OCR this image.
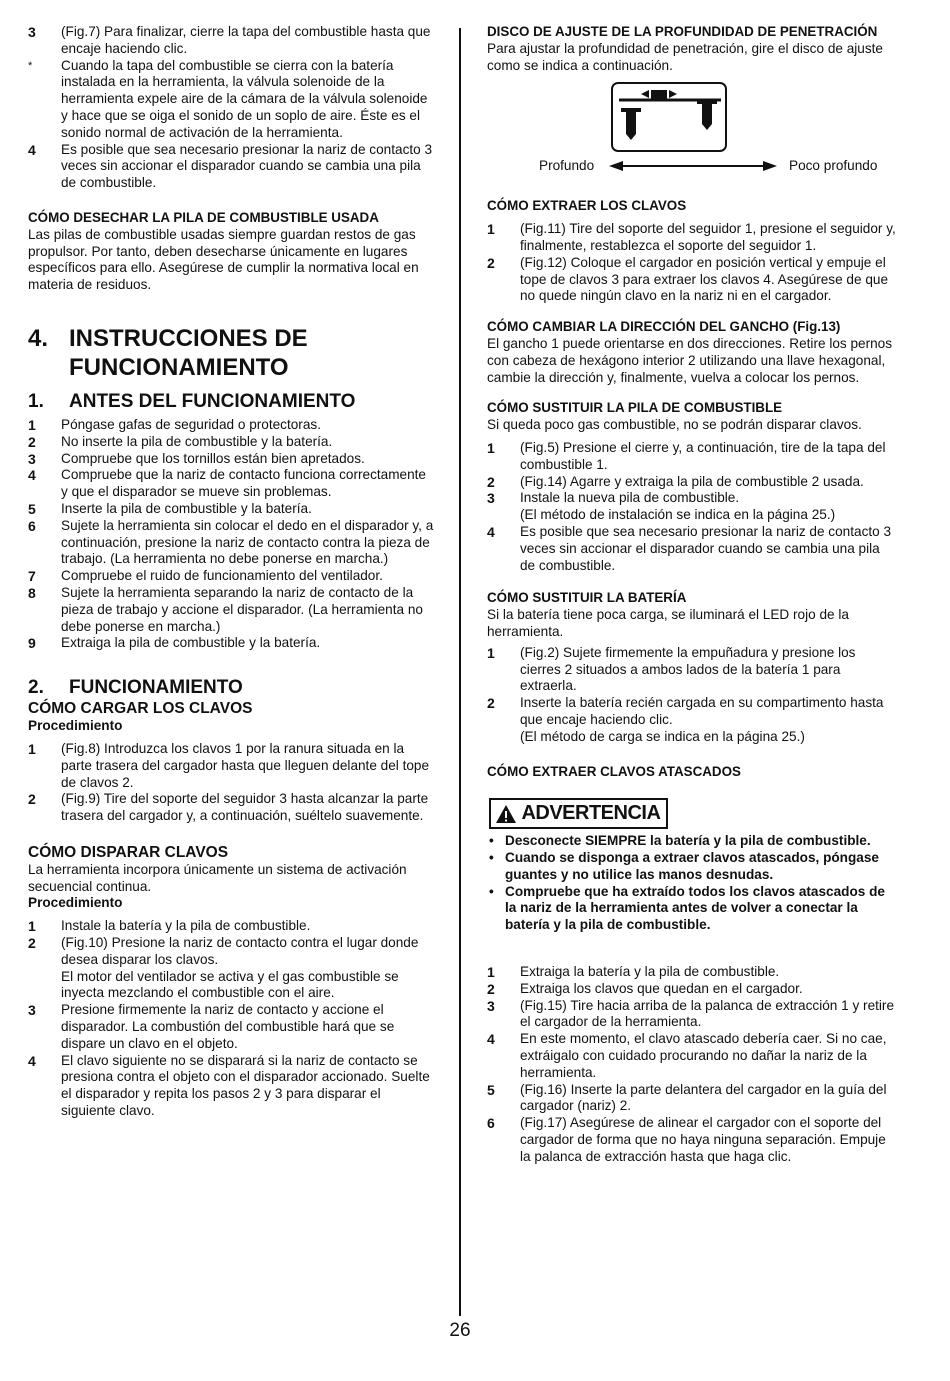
3 (Fig.7) Para finalizar, cierre la tapa del combustible hasta que encaje haciendo clic.
* Cuando la tapa del combustible se cierra con la batería instalada en la herramienta, la válvula solenoide de la herramienta expele aire de la cámara de la válvula solenoide y hace que se oiga el sonido de un soplo de aire. Éste es el sonido normal de activación de la herramienta.
4 Es posible que sea necesario presionar la nariz de contacto 3 veces sin accionar el disparador cuando se cambia una pila de combustible.

CÓMO DESECHAR LA PILA DE COMBUSTIBLE USADA

Las pilas de combustible usadas siempre guardan restos de gas propulsor. Por tanto, deben desecharse únicamente en lugares específicos para ello. Asegúrese de cumplir la normativa local en materia de residuos.

4. INSTRUCCIONES DE
FUNCIONAMIENTO
1. ANTES DEL FUNCIONAMIENTO
1 Póngase gafas de seguridad o protectoras.
2 No inserte la pila de combustible y la batería.
3 Compruebe que los tornillos están bien apretados.
4 Compruebe que la nariz de contacto funciona correctamente y que el disparador se mueve sin problemas.
5 Inserte la pila de combustible y la batería.
6 Sujete la herramienta sin colocar el dedo en el disparador y, a continuación, presione la nariz de contacto contra la pieza de trabajo. (La herramienta no debe ponerse en marcha.)
7 Compruebe el ruido de funcionamiento del ventilador.
8 Sujete la herramienta separando la nariz de contacto de la pieza de trabajo y accione el disparador. (La herramienta no debe ponerse en marcha.)
9 Extraiga la pila de combustible y la batería.
2. FUNCIONAMIENTO

CÓMO CARGAR LOS CLAVOS

Procedimiento

1 (Fig.8) Introduzca los clavos 1 por la ranura situada en la parte trasera del cargador hasta que lleguen delante del tope de clavos 2.
2 (Fig.9) Tire del soporte del seguidor 3 hasta alcanzar la parte trasera del cargador y, a continuación, suéltelo suavemente.

CÓMO DISPARAR CLAVOS

La herramienta incorpora únicamente un sistema de activación secuencial continua.

Procedimiento

1 Instale la batería y la pila de combustible.
2 (Fig.10) Presione la nariz de contacto contra el lugar donde desea disparar los clavos.
El motor del ventilador se activa y el gas combustible se inyecta mezclando el combustible con el aire.
3 Presione firmemente la nariz de contacto y accione el disparador. La combustión del combustible hará que se dispare un clavo en el objeto.
4 El clavo siguiente no se disparará si la nariz de contacto se presiona contra el objeto con el disparador accionado. Suelte el disparador y repita los pasos 2 y 3 para disparar el siguiente clavo.

DISCO DE AJUSTE DE LA PROFUNDIDAD DE PENETRACIÓN

Para ajustar la profundidad de penetración, gire el disco de ajuste como se indica a continuación.

Profundo	Poco profundo

CÓMO EXTRAER LOS CLAVOS

1 (Fig.11) Tire del soporte del seguidor 1, presione el seguidor y, finalmente, restablezca el soporte del seguidor 1.
2 (Fig.12) Coloque el cargador en posición vertical y empuje el tope de clavos 3 para extraer los clavos 4. Asegúrese de que no quede ningún clavo en la nariz ni en el cargador.

CÓMO CAMBIAR LA DIRECCIÓN DEL GANCHO (Fig.13)

El gancho 1 puede orientarse en dos direcciones. Retire los pernos con cabeza de hexágono interior 2 utilizando una llave hexagonal, cambie la dirección y, finalmente, vuelva a colocar los pernos.

CÓMO SUSTITUIR LA PILA DE COMBUSTIBLE

Si queda poco gas combustible, no se podrán disparar clavos.

1 (Fig.5) Presione el cierre y, a continuación, tire de la tapa del combustible 1.
2 (Fig.14) Agarre y extraiga la pila de combustible 2 usada.
3 Instale la nueva pila de combustible.
(El método de instalación se indica en la página 25.)
4 Es posible que sea necesario presionar la nariz de contacto 3 veces sin accionar el disparador cuando se cambia una pila de combustible.

CÓMO SUSTITUIR LA BATERÍA

Si la batería tiene poca carga, se iluminará el LED rojo de la herramienta.

1 (Fig.2) Sujete firmemente la empuñadura y presione los cierres 2 situados a ambos lados de la batería 1 para extraerla.
2 Inserte la batería recién cargada en su compartimento hasta que encaje haciendo clic.
(El método de carga se indica en la página 25.)

CÓMO EXTRAER CLAVOS ATASCADOS

ADVERTENCIA
• Desconecte SIEMPRE la batería y la pila de combustible.
• Cuando se disponga a extraer clavos atascados, póngase guantes y no utilice las manos desnudas.
• Compruebe que ha extraído todos los clavos atascados de la nariz de la herramienta antes de volver a conectar la batería y la pila de combustible.
1 Extraiga la batería y la pila de combustible.
2 Extraiga los clavos que quedan en el cargador.
3 (Fig.15) Tire hacia arriba de la palanca de extracción 1 y retire el cargador de la herramienta.
4 En este momento, el clavo atascado debería caer. Si no cae, extráigalo con cuidado procurando no dañar la nariz de la herramienta.
5 (Fig.16) Inserte la parte delantera del cargador en la guía del cargador (nariz) 2.
6 (Fig.17) Asegúrese de alinear el cargador con el soporte del cargador de forma que no haya ninguna separación. Empuje la palanca de extracción hasta que haga clic.
26
